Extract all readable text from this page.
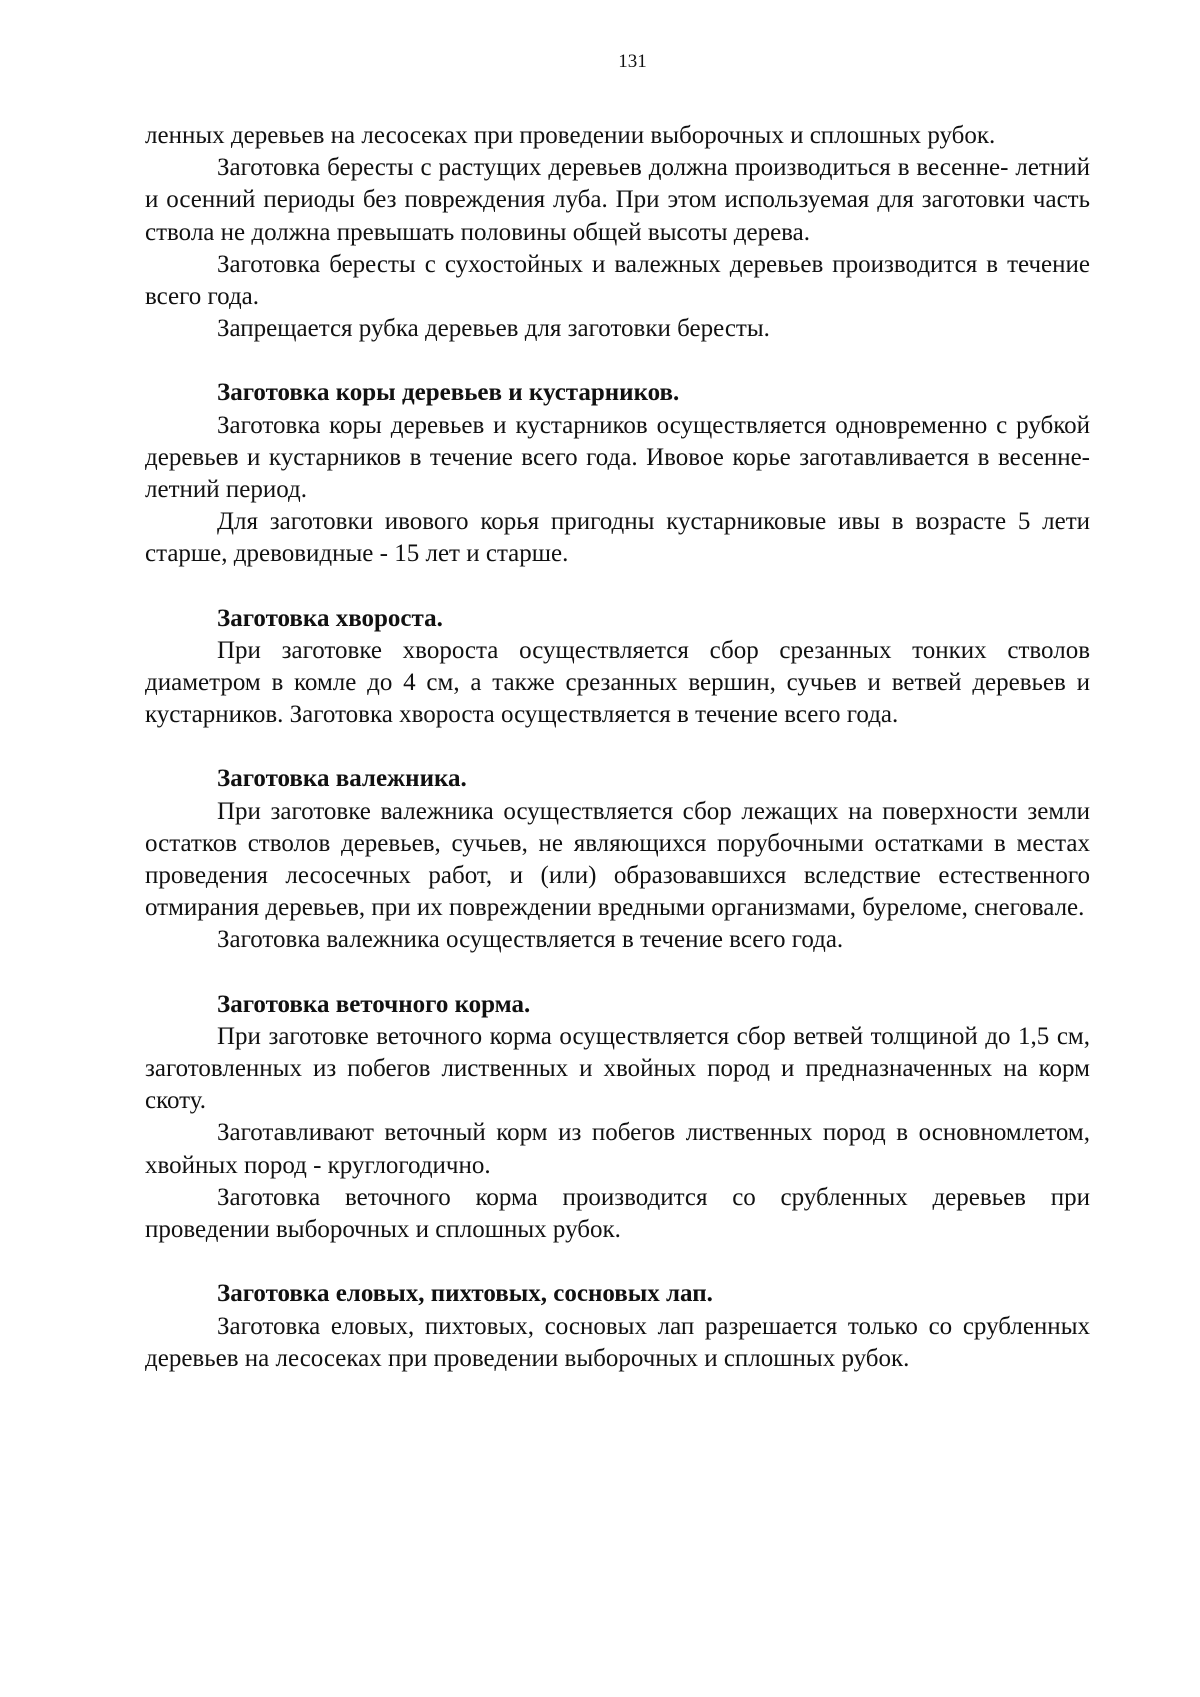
131

ленных деревьев на лесосеках при проведении выборочных и сплошных рубок.

Заготовка бересты с растущих деревьев должна производиться в весенне- летний и осенний периоды без повреждения луба. При этом используемая для заготовки часть ствола не должна превышать половины общей высоты дерева.

Заготовка бересты с сухостойных и валежных деревьев производится в течение всего года.

Запрещается рубка деревьев для заготовки бересты.

Заготовка коры деревьев и кустарников.

Заготовка коры деревьев и кустарников осуществляется одновременно с рубкой деревьев и кустарников в течение всего года. Ивовое корье заготавливается в весенне-летний период.

Для заготовки ивового корья пригодны кустарниковые ивы в возрасте 5 лети старше, древовидные - 15 лет и старше.

Заготовка хвороста.

При заготовке хвороста осуществляется сбор срезанных тонких стволов диаметром в комле до 4 см, а также срезанных вершин, сучьев и ветвей деревьев и кустарников. Заготовка хвороста осуществляется в течение всего года.

Заготовка валежника.

При заготовке валежника осуществляется сбор лежащих на поверхности земли остатков стволов деревьев, сучьев, не являющихся порубочными остатками в местах проведения лесосечных работ, и (или) образовавшихся вследствие естественного отмирания деревьев, при их повреждении вредными организмами, буреломе, снеговале.

Заготовка валежника осуществляется в течение всего года.

Заготовка веточного корма.

При заготовке веточного корма осуществляется сбор ветвей толщиной до 1,5 см, заготовленных из побегов лиственных и хвойных пород и предназначенных на корм скоту.

Заготавливают веточный корм из побегов лиственных пород в основномлетом, хвойных пород - круглогодично.

Заготовка веточного корма производится со срубленных деревьев при проведении выборочных и сплошных рубок.

Заготовка еловых, пихтовых, сосновых лап.

Заготовка еловых, пихтовых, сосновых лап разрешается только со срубленных деревьев на лесосеках при проведении выборочных и сплошных рубок.
